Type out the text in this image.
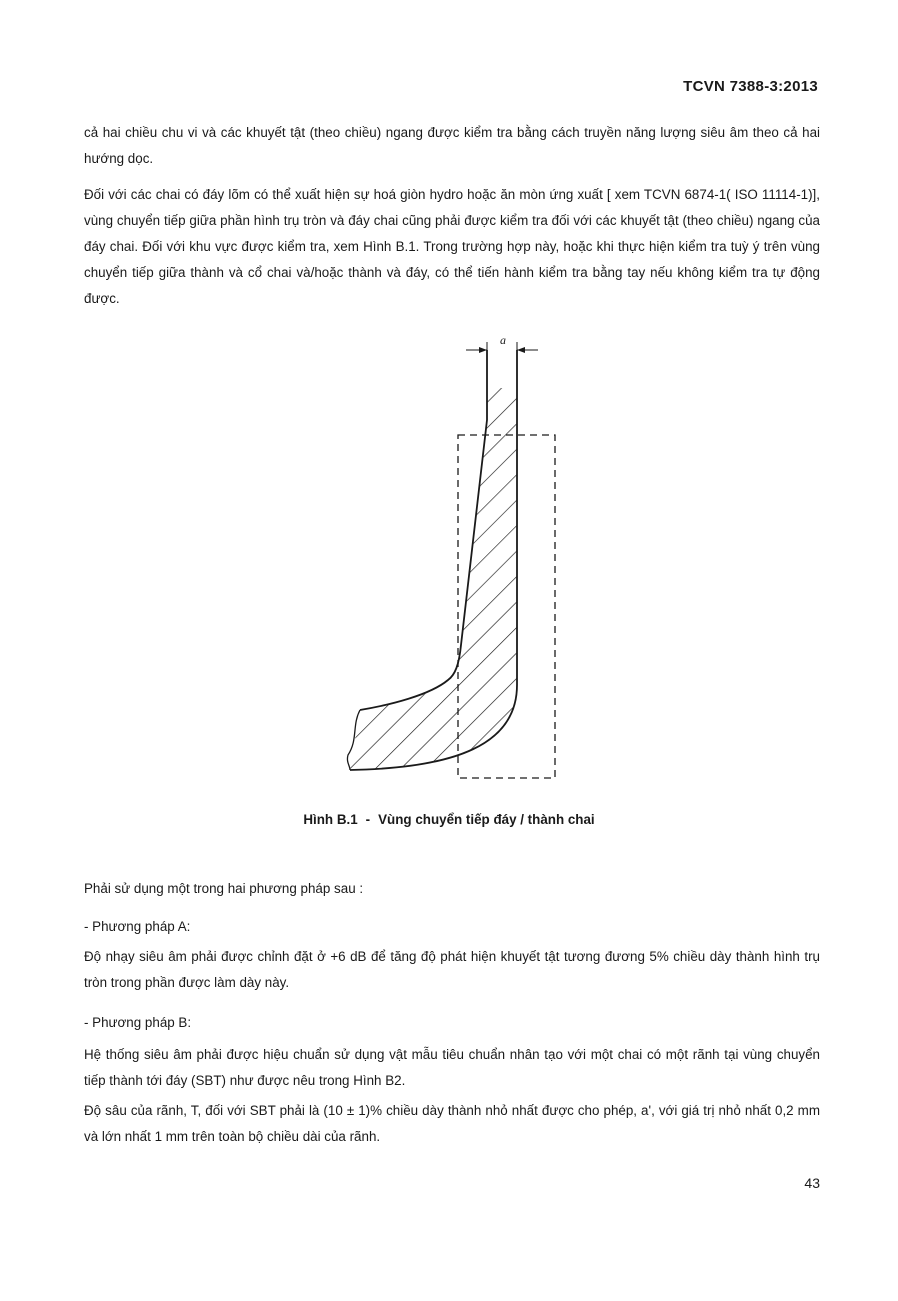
TCVN 7388-3:2013

cả hai chiều chu vi và các khuyết tật (theo chiều) ngang được kiểm tra bằng cách truyền năng lượng siêu âm theo cả hai hướng dọc.

Đối với các chai có đáy lõm có thể xuất hiện sự hoá giòn hydro hoặc ăn mòn ứng xuất [ xem TCVN 6874-1( ISO 11114-1)], vùng chuyển tiếp giữa phần hình trụ tròn và đáy chai cũng phải được kiểm tra đối với các khuyết tật (theo chiều) ngang của đáy chai. Đối với khu vực được kiểm tra, xem Hình B.1. Trong trường hợp này, hoặc khi thực hiện kiểm tra tuỳ ý trên vùng chuyển tiếp giữa thành và cổ chai và/hoặc thành và đáy, có thể tiến hành kiểm tra bằng tay nếu không kiểm tra tự động được.

a
Hình B.1 - Vùng chuyển tiếp đáy / thành chai

Phải sử dụng một trong hai phương pháp sau :

- Phương pháp A:

Độ nhạy siêu âm phải được chỉnh đặt ở +6 dB để tăng độ phát hiện khuyết tật tương đương 5% chiều dày thành hình trụ tròn trong phần được làm dày này.

- Phương pháp B:

Hệ thống siêu âm phải được hiệu chuẩn sử dụng vật mẫu tiêu chuẩn nhân tạo với một chai có một rãnh tại vùng chuyển tiếp thành tới đáy (SBT) như được nêu trong Hình B2.

Độ sâu của rãnh, T, đối với SBT phải là (10 ± 1)% chiều dày thành nhỏ nhất được cho phép, a', với giá trị nhỏ nhất 0,2 mm và lớn nhất 1 mm trên toàn bộ chiều dài của rãnh.

43
